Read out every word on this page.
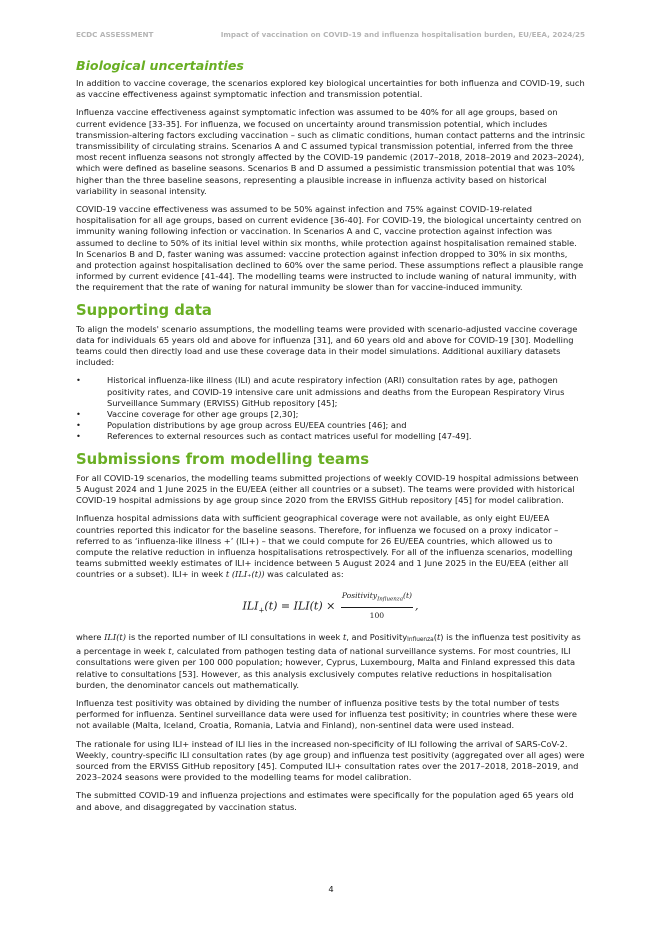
ECDC ASSESSMENT	Impact of vaccination on COVID-19 and influenza hospitalisation burden, EU/EEA, 2024/25
Biological uncertainties

In addition to vaccine coverage, the scenarios explored key biological uncertainties for both influenza and COVID-19, such as vaccine effectiveness against symptomatic infection and transmission potential.

Influenza vaccine effectiveness against symptomatic infection was assumed to be 40% for all age groups, based on current evidence [33-35]. For influenza, we focused on uncertainty around transmission potential, which includes transmission-altering factors excluding vaccination – such as climatic conditions, human contact patterns and the intrinsic transmissibility of circulating strains. Scenarios A and C assumed typical transmission potential, inferred from the three most recent influenza seasons not strongly affected by the COVID-19 pandemic (2017–2018, 2018–2019 and 2023–2024), which were defined as baseline seasons. Scenarios B and D assumed a pessimistic transmission potential that was 10% higher than the three baseline seasons, representing a plausible increase in influenza activity based on historical variability in seasonal intensity.

COVID-19 vaccine effectiveness was assumed to be 50% against infection and 75% against COVID-19-related hospitalisation for all age groups, based on current evidence [36-40]. For COVID-19, the biological uncertainty centred on immunity waning following infection or vaccination. In Scenarios A and C, vaccine protection against infection was assumed to decline to 50% of its initial level within six months, while protection against hospitalisation remained stable. In Scenarios B and D, faster waning was assumed: vaccine protection against infection dropped to 30% in six months, and protection against hospitalisation declined to 60% over the same period. These assumptions reflect a plausible range informed by current evidence [41-44]. The modelling teams were instructed to include waning of natural immunity, with the requirement that the rate of waning for natural immunity be slower than for vaccine-induced immunity.

Supporting data

To align the models' scenario assumptions, the modelling teams were provided with scenario-adjusted vaccine coverage data for individuals 65 years old and above for influenza [31], and 60 years old and above for COVID-19 [30]. Modelling teams could then directly load and use these coverage data in their model simulations. Additional auxiliary datasets included:

•	Historical influenza-like illness (ILI) and acute respiratory infection (ARI) consultation rates by age, pathogen positivity rates, and COVID-19 intensive care unit admissions and deaths from the European Respiratory Virus Surveillance Summary (ERVISS) GitHub repository [45];
•	Vaccine coverage for other age groups [2,30];
•	Population distributions by age group across EU/EEA countries [46]; and
•	References to external resources such as contact matrices useful for modelling [47-49].
Submissions from modelling teams

For all COVID-19 scenarios, the modelling teams submitted projections of weekly COVID-19 hospital admissions between 5 August 2024 and 1 June 2025 in the EU/EEA (either all countries or a subset). The teams were provided with historical COVID-19 hospital admissions by age group since 2020 from the ERVISS GitHub repository [45] for model calibration.

Influenza hospital admissions data with sufficient geographical coverage were not available, as only eight EU/EEA countries reported this indicator for the baseline seasons. Therefore, for influenza we focused on a proxy indicator – referred to as ‘influenza-like illness +’ (ILI+) – that we could compute for 26 EU/EEA countries, which allowed us to compute the relative reduction in influenza hospitalisations retrospectively. For all of the influenza scenarios, modelling teams submitted weekly estimates of ILI+ incidence between 5 August 2024 and 1 June 2025 in the EU/EEA (either all countries or a subset). ILI+ in week t (ILI₊(t)) was calculated as:

$ILI_+(t) = ILI(t) \times \frac{Positivity_{Influenza}(t)}{100}$ ,

where ILI(t) is the reported number of ILI consultations in week t, and PositivityInfluenza(t) is the influenza test positivity as a percentage in week t, calculated from pathogen testing data of national surveillance systems. For most countries, ILI consultations were given per 100 000 population; however, Cyprus, Luxembourg, Malta and Finland expressed this data relative to consultations [53]. However, as this analysis exclusively computes relative reductions in hospitalisation burden, the denominator cancels out mathematically.

Influenza test positivity was obtained by dividing the number of influenza positive tests by the total number of tests performed for influenza. Sentinel surveillance data were used for influenza test positivity; in countries where these were not available (Malta, Iceland, Croatia, Romania, Latvia and Finland), non-sentinel data were used instead.

The rationale for using ILI+ instead of ILI lies in the increased non-specificity of ILI following the arrival of SARS-CoV-2. Weekly, country-specific ILI consultation rates (by age group) and influenza test positivity (aggregated over all ages) were sourced from the ERVISS GitHub repository [45]. Computed ILI+ consultation rates over the 2017–2018, 2018–2019, and 2023–2024 seasons were provided to the modelling teams for model calibration.

The submitted COVID-19 and influenza projections and estimates were specifically for the population aged 65 years old and above, and disaggregated by vaccination status.

4
